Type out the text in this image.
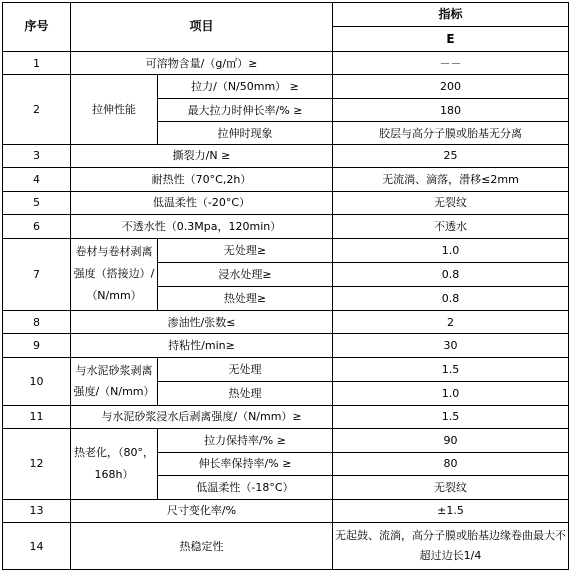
序号	项目		指标
			E
1	可溶物含量/（g/㎡）≥		－－
2	拉伸性能	拉力/（N/50mm） ≥	200
		最大拉力时伸长率/% ≥	180
		拉伸时现象	胶层与高分子膜或胎基无分离
3	撕裂力/N ≥		25
4	耐热性（70°C,2h）		无流淌、滴落，滑移≤2mm
5	低温柔性（-20°C）		无裂纹
6	不透水性（0.3Mpa，120min）		不透水
7	卷材与卷材剥离强度（搭接边）/（N/mm）	无处理≥	1.0
		浸水处理≥	0.8
		热处理≥	0.8
8	渗油性/张数≤		2
9	持粘性/min≥		30
10	与水泥砂浆剥离强度/（N/mm）	无处理	1.5
		热处理	1.0
11	与水泥砂浆浸水后剥离强度/（N/mm）≥		1.5
12	热老化，（80°，168h）	拉力保持率/% ≥	90
		伸长率保持率/% ≥	80
		低温柔性（-18°C）	无裂纹
13	尺寸变化率/%		±1.5
14	热稳定性		无起鼓、流淌，高分子膜或胎基边缘卷曲最大不超过边长1/4
